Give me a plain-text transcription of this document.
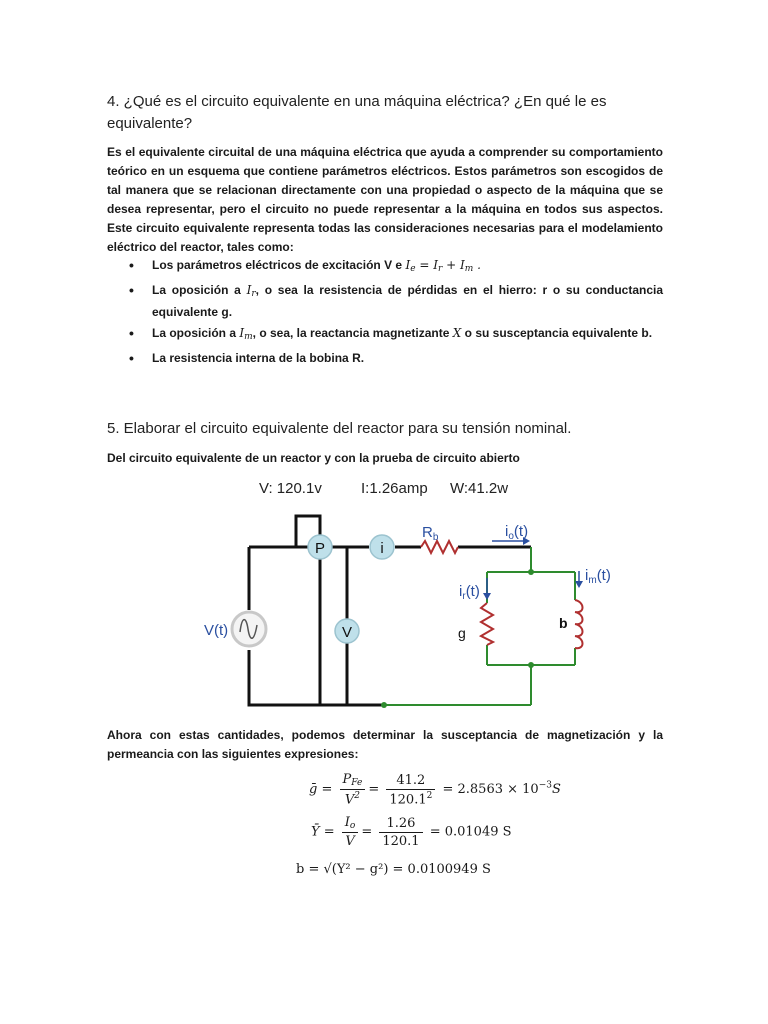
4. ¿Qué es el circuito equivalente en una máquina eléctrica? ¿En qué le es equivalente?
Es el equivalente circuital de una máquina eléctrica que ayuda a comprender su comportamiento teórico en un esquema que contiene parámetros eléctricos. Estos parámetros son escogidos de tal manera que se relacionan directamente con una propiedad o aspecto de la máquina que se desea representar, pero el circuito no puede representar a la máquina en todos sus aspectos. Este circuito equivalente representa todas las consideraciones necesarias para el modelamiento eléctrico del reactor, tales como:
• Los parámetros eléctricos de excitación V e $I_e = I_r + I_m$ .
• La oposición a $I_r$, o sea la resistencia de pérdidas en el hierro: r o su conductancia equivalente g.
• La oposición a $I_m$, o sea, la reactancia magnetizante X o su susceptancia equivalente b.
• La resistencia interna de la bobina R.
5. Elaborar el circuito equivalente del reactor para su tensión nominal.
Del circuito equivalente de un reactor y con la prueba de circuito abierto
V: 120.1v	I:1.26amp W:41.2w
P	i
V
V(t)
$R_b$	$i_o(t)$
$i_r(t)$
$i_m(t)$
g
b
Ahora con estas cantidades, podemos determinar la susceptancia de magnetización y la permeancia con las siguientes expresiones:
ḡ = $\frac{P_{Fe}}{V^2} = \frac{41.2}{120.1^2} = 2.8563 \times 10^{-3}S$
Ȳ = $\frac{I_o}{V} = \frac{1.26}{120.1} = 0.01049$ S
b = √(Y² − g²) = 0.0100949 S
